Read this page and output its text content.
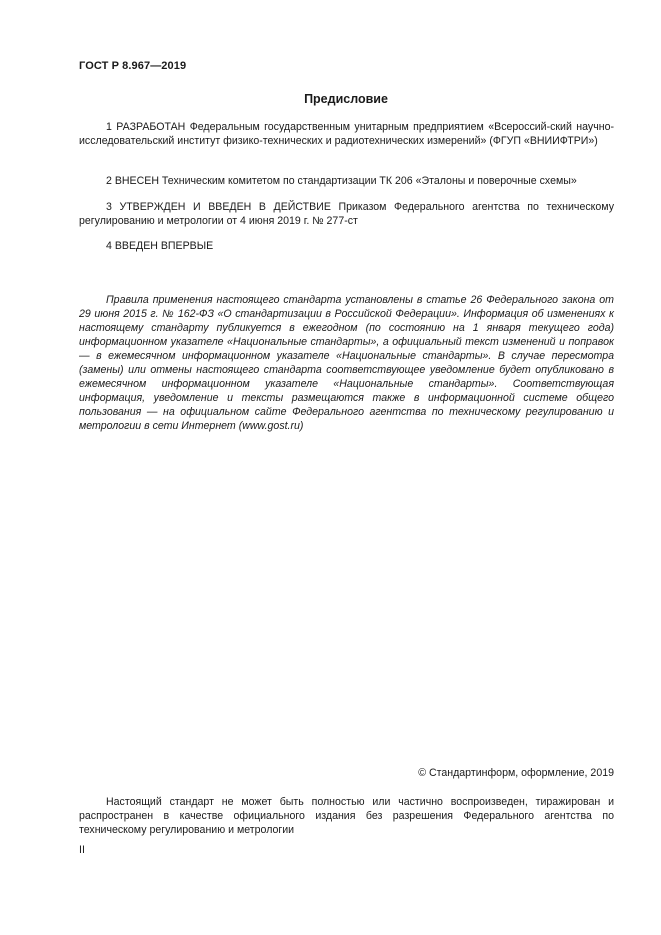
ГОСТ Р 8.967—2019
Предисловие

1 РАЗРАБОТАН Федеральным государственным унитарным предприятием «Всероссий-ский научно-исследовательский институт физико-технических и радиотехнических измерений» (ФГУП «ВНИИФТРИ»)

2 ВНЕСЕН Техническим комитетом по стандартизации ТК 206 «Эталоны и поверочные схемы»

3 УТВЕРЖДЕН И ВВЕДЕН В ДЕЙСТВИЕ Приказом Федерального агентства по техническому регулированию и метрологии от 4 июня 2019 г. № 277-ст

4 ВВЕДЕН ВПЕРВЫЕ

Правила применения настоящего стандарта установлены в статье 26 Федерального закона от 29 июня 2015 г. № 162-ФЗ «О стандартизации в Российской Федерации». Информация об изменениях к настоящему стандарту публикуется в ежегодном (по состоянию на 1 января текущего года) информационном указателе «Национальные стандарты», а официальный текст изменений и поправок — в ежемесячном информационном указателе «Национальные стандарты». В случае пересмотра (замены) или отмены настоящего стандарта соответствующее уведомление будет опубликовано в ежемесячном информационном указателе «Национальные стандарты». Соответствующая информация, уведомление и тексты размещаются также в информационной системе общего пользования — на официальном сайте Федерального агентства по техническому регулированию и метрологии в сети Интернет (www.gost.ru)

© Стандартинформ, оформление, 2019

Настоящий стандарт не может быть полностью или частично воспроизведен, тиражирован и распространен в качестве официального издания без разрешения Федерального агентства по техническому регулированию и метрологии

II
